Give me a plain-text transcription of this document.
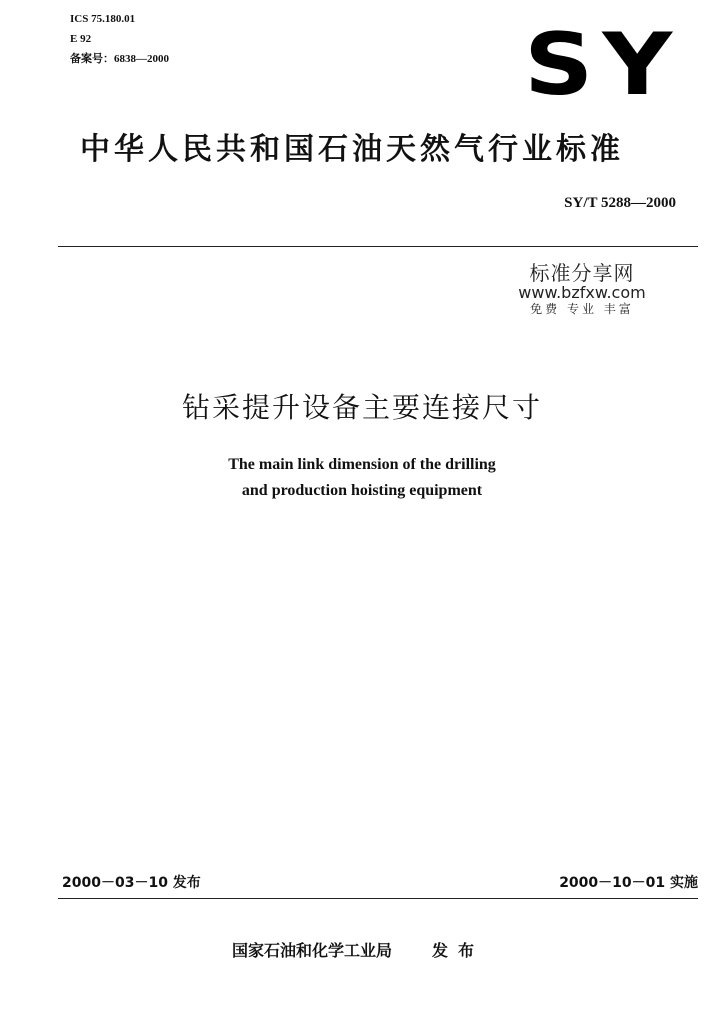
ICS 75.180.01
E 92
备案号：6838—2000	SY
中华人民共和国石油天然气行业标准
SY/T 5288—2000
标准分享网
www.bzfxw.com
免费 专业 丰富
钻采提升设备主要连接尺寸
The main link dimension of the drilling
and production hoisting equipment
2000－03－10 发布	2000－10－01 实施
国家石油和化学工业局	发布
